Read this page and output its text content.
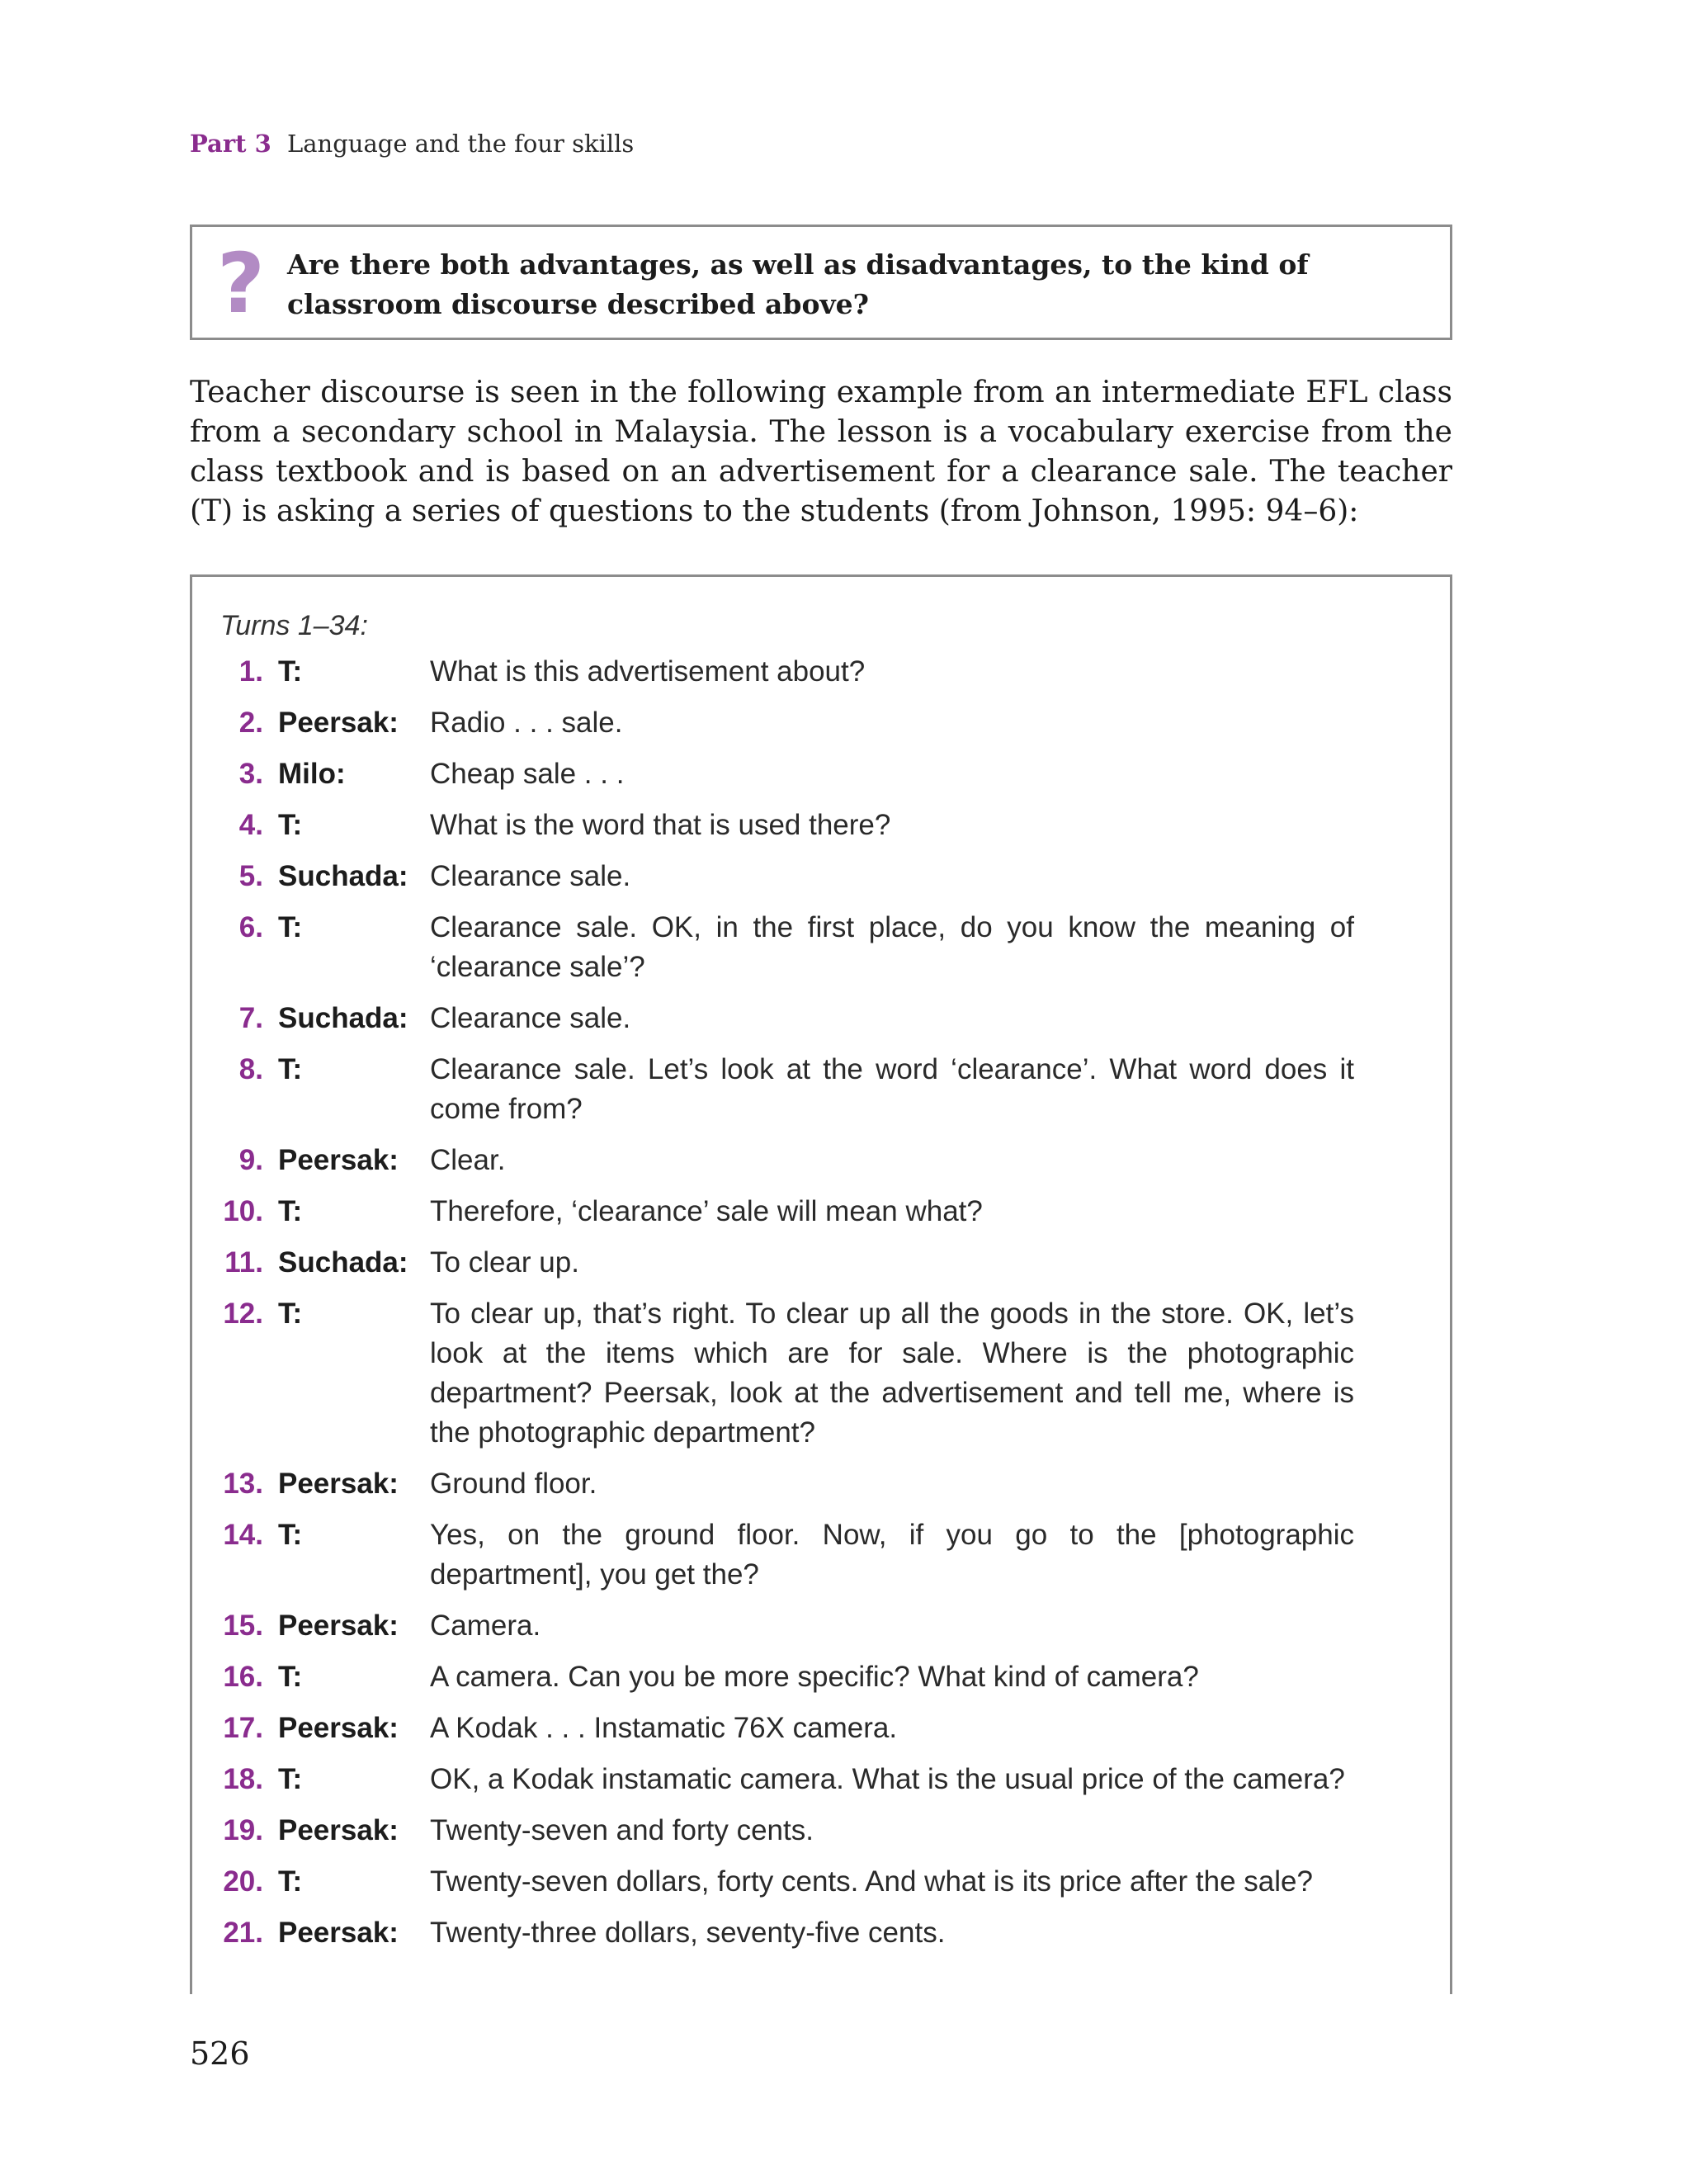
Part 3 Language and the four skills
? Are there both advantages, as well as disadvantages, to the kind of classroom discourse described above?
Teacher discourse is seen in the following example from an intermediate EFL class from a secondary school in Malaysia. The lesson is a vocabulary exercise from the class textbook and is based on an advertisement for a clearance sale. The teacher (T) is asking a series of questions to the students (from Johnson, 1995: 94–6):
Turns 1–34:
1. T:	What is this advertisement about?
2. Peersak:	Radio . . . sale.
3. Milo:	Cheap sale . . .
4. T:	What is the word that is used there?
5. Suchada: Clearance sale.
6. T:	Clearance sale. OK, in the first place, do you know the meaning of ‘clearance sale’?
7. Suchada: Clearance sale.
8. T:	Clearance sale. Let’s look at the word ‘clearance’. What word does it come from?
9. Peersak:	Clear.
10. T:	Therefore, ‘clearance’ sale will mean what?
11. Suchada: To clear up.
12. T:	To clear up, that’s right. To clear up all the goods in the store. OK, let’s look at the items which are for sale. Where is the photographic department? Peersak, look at the advertisement and tell me, where is the photographic department?
13. Peersak:	Ground floor.
14. T:	Yes, on the ground floor. Now, if you go to the [photographic department], you get the?
15. Peersak:	Camera.
16. T:	A camera. Can you be more specific? What kind of camera?
17. Peersak:	A Kodak . . . Instamatic 76X camera.
18. T:	OK, a Kodak instamatic camera. What is the usual price of the camera?
19. Peersak:	Twenty-seven and forty cents.
20. T:	Twenty-seven dollars, forty cents. And what is its price after the sale?
21. Peersak:	Twenty-three dollars, seventy-five cents.
526
